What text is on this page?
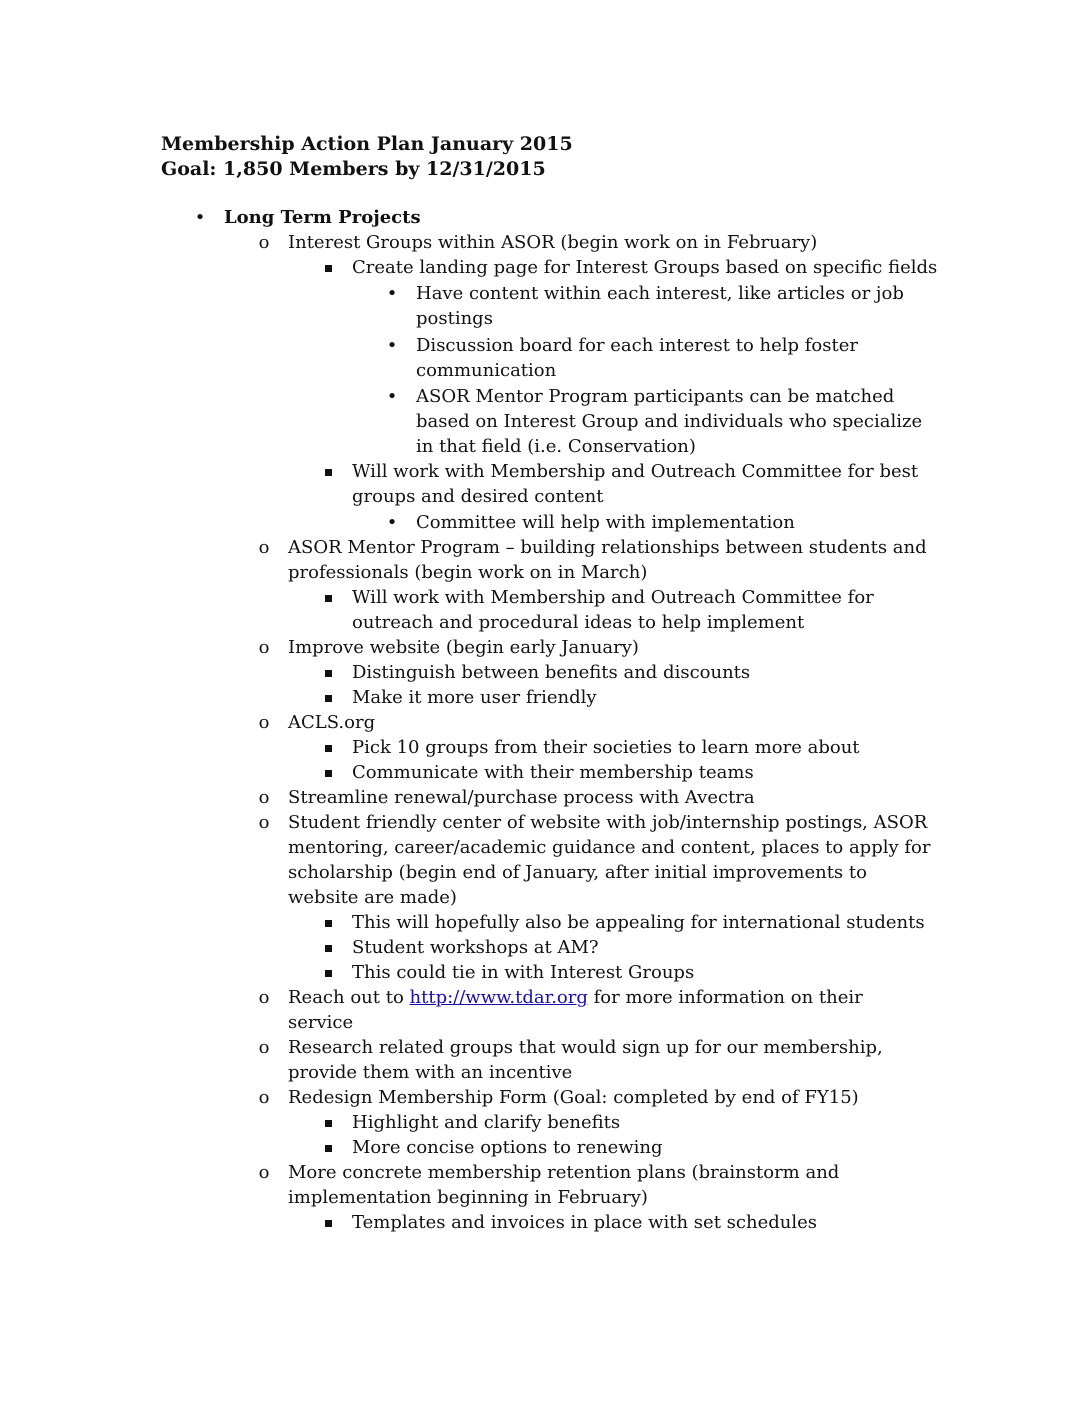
Membership Action Plan January 2015
Goal: 1,850 Members by 12/31/2015
• Long Term Projects
o Interest Groups within ASOR (begin work on in February)
Create landing page for Interest Groups based on specific fields
• Have content within each interest, like articles or job
postings
• Discussion board for each interest to help foster
communication
• ASOR Mentor Program participants can be matched
based on Interest Group and individuals who specialize
in that field (i.e. Conservation)
Will work with Membership and Outreach Committee for best
groups and desired content
• Committee will help with implementation
o ASOR Mentor Program – building relationships between students and
professionals (begin work on in March)
Will work with Membership and Outreach Committee for
outreach and procedural ideas to help implement
o Improve website (begin early January)
Distinguish between benefits and discounts
Make it more user friendly
o ACLS.org
Pick 10 groups from their societies to learn more about
Communicate with their membership teams
o Streamline renewal/purchase process with Avectra
o Student friendly center of website with job/internship postings, ASOR
mentoring, career/academic guidance and content, places to apply for
scholarship (begin end of January, after initial improvements to
website are made)
This will hopefully also be appealing for international students
Student workshops at AM?
This could tie in with Interest Groups
o Reach out to http://www.tdar.org for more information on their
service
o Research related groups that would sign up for our membership,
provide them with an incentive
o Redesign Membership Form (Goal: completed by end of FY15)
Highlight and clarify benefits
More concise options to renewing
o More concrete membership retention plans (brainstorm and
implementation beginning in February)
Templates and invoices in place with set schedules
